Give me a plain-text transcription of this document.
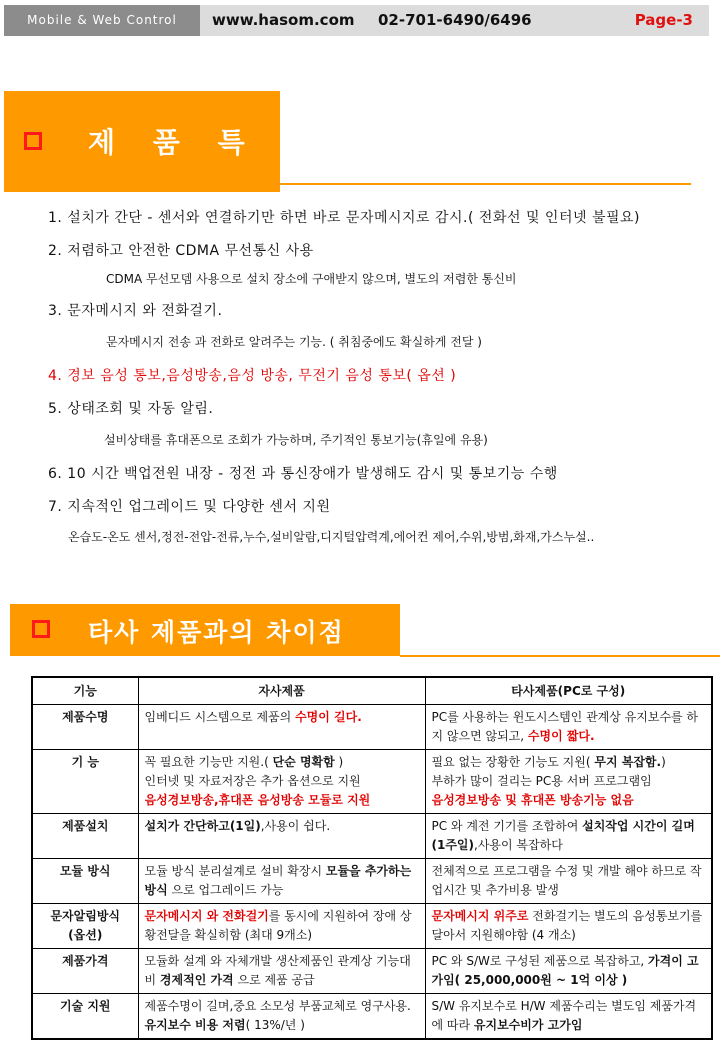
Mobile & Web Control	www.hasom.com 02-701-6490/6496	Page-3
제 품 특 징
1. 설치가 간단 - 센서와 연결하기만 하면 바로 문자메시지로 감시.( 전화선 및 인터넷 불필요)
2. 저렴하고 안전한 CDMA 무선통신 사용
CDMA 무선모뎀 사용으로 설치 장소에 구애받지 않으며, 별도의 저렴한 통신비
3. 문자메시지 와 전화걸기.
문자메시지 전송 과 전화로 알려주는 기능. ( 취침중에도 확실하게 전달 )
4. 경보 음성 통보,음성방송,음성 방송, 무전기 음성 통보( 옵션 )
5. 상태조회 및 자동 알림.
설비상태를 휴대폰으로 조회가 가능하며, 주기적인 통보기능(휴일에 유용)
6. 10 시간 백업전원 내장 - 정전 과 통신장애가 발생해도 감시 및 통보기능 수행
7. 지속적인 업그레이드 및 다양한 센서 지원
온습도-온도 센서,정전-전압-전류,누수,설비알람,디지털압력계,에어컨 제어,수위,방범,화재,가스누설..
타사 제품과의 차이점
기능	자사제품	타사제품(PC로 구성)
제품수명	임베디드 시스템으로 제품의 수명이 길다.	PC를 사용하는 윈도시스템인 관계상 유지보수를 하지 않으면 않되고, 수명이 짧다.
기 능	꼭 필요한 기능만 지원.( 단순 명확함 )
인터넷 및 자료저장은 추가 옵션으로 지원
음성경보방송,휴대폰 음성방송 모듈로 지원	필요 없는 장황한 기능도 지원( 무지 복잡함.)
부하가 많이 걸리는 PC용 서버 프로그램임
음성경보방송 및 휴대폰 방송기능 없음

제품설치	설치가 간단하고(1일),사용이 쉽다.	PC 와 계전 기기를 조합하여 설치작업 시간이 길며 (1주일),사용이 복잡하다
모듈 방식	모듈 방식 분리설계로 설비 확장시 모듈을 추가하는 방식 으로 업그레이드 가능	전체적으로 프로그램을 수정 및 개발 해야 하므로 작업시간 및 추가비용 발생
문자알림방식
(옵션)	문자메시지 와 전화걸기를 동시에 지원하여 장애 상황전달을 확실히함 (최대 9개소)	문자메시지 위주로 전화걸기는 별도의 음성통보기를 달아서 지원해야함 (4 개소)
제품가격	모듈화 설계 와 자체개발 생산제품인 관계상 기능대비 경제적인 가격 으로 제품 공급	PC 와 S/W로 구성된 제품으로 복잡하고, 가격이 고가임( 25,000,000원 ~ 1억 이상 )
기술 지원	제품수명이 길며,중요 소모성 부품교체로 영구사용. 유지보수 비용 저렴( 13%/년 )	S/W 유지보수로 H/W 제품수리는 별도임 제품가격에 따라 유지보수비가 고가임
